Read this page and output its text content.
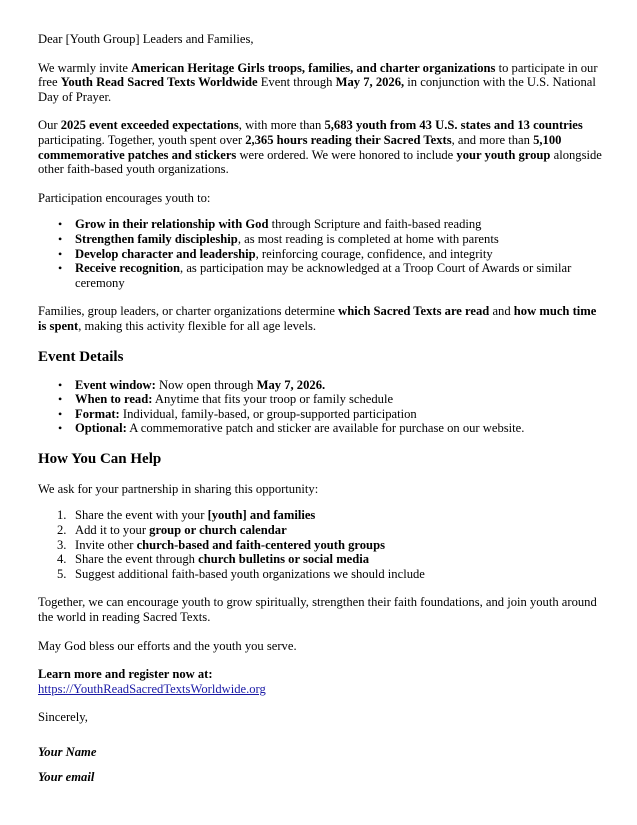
Dear [Youth Group] Leaders and Families,

We warmly invite American Heritage Girls troops, families, and charter organizations to participate in our free Youth Read Sacred Texts Worldwide Event through May 7, 2026, in conjunction with the U.S. National Day of Prayer.

Our 2025 event exceeded expectations, with more than 5,683 youth from 43 U.S. states and 13 countries participating. Together, youth spent over 2,365 hours reading their Sacred Texts, and more than 5,100 commemorative patches and stickers were ordered. We were honored to include your youth group alongside other faith-based youth organizations.

Participation encourages youth to:

• Grow in their relationship with God through Scripture and faith-based reading
• Strengthen family discipleship, as most reading is completed at home with parents
• Develop character and leadership, reinforcing courage, confidence, and integrity
• Receive recognition, as participation may be acknowledged at a Troop Court of Awards or similar ceremony

Families, group leaders, or charter organizations determine which Sacred Texts are read and how much time is spent, making this activity flexible for all age levels.

Event Details
• Event window: Now open through May 7, 2026.
• When to read: Anytime that fits your troop or family schedule
• Format: Individual, family-based, or group-supported participation
• Optional: A commemorative patch and sticker are available for purchase on our website.
How You Can Help

We ask for your partnership in sharing this opportunity:

1. Share the event with your [youth] and families
2. Add it to your group or church calendar
3. Invite other church-based and faith-centered youth groups
4. Share the event through church bulletins or social media
5. Suggest additional faith-based youth organizations we should include

Together, we can encourage youth to grow spiritually, strengthen their faith foundations, and join youth around the world in reading Sacred Texts.

May God bless our efforts and the youth you serve.

Learn more and register now at:

https://YouthReadSacredTextsWorldwide.org

Sincerely,

Your Name

Your email
